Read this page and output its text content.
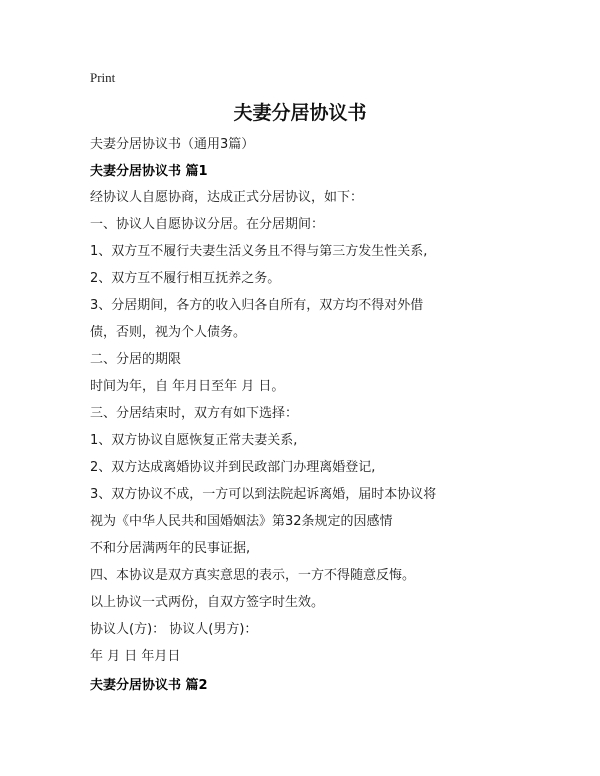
Print
夫妻分居协议书

夫妻分居协议书（通用3篇）

夫妻分居协议书 篇1

经协议人自愿协商，达成正式分居协议，如下：

一、协议人自愿协议分居。在分居期间：

1、双方互不履行夫妻生活义务且不得与第三方发生性关系,

2、双方互不履行相互抚养之务。

3、分居期间，各方的收入归各自所有，双方均不得对外借

债，否则，视为个人债务。

二、分居的期限

时间为年，自 年月日至年 月 日。

三、分居结束时，双方有如下选择：

1、双方协议自愿恢复正常夫妻关系,

2、双方达成离婚协议并到民政部门办理离婚登记,

3、双方协议不成，一方可以到法院起诉离婚，届时本协议将

视为《中华人民共和国婚姻法》第32条规定的因感情

不和分居满两年的民事证据,

四、本协议是双方真实意思的表示，一方不得随意反悔。

以上协议一式两份，自双方签字时生效。

协议人(方)： 协议人(男方)：

年 月 日 年月日

夫妻分居协议书 篇2
